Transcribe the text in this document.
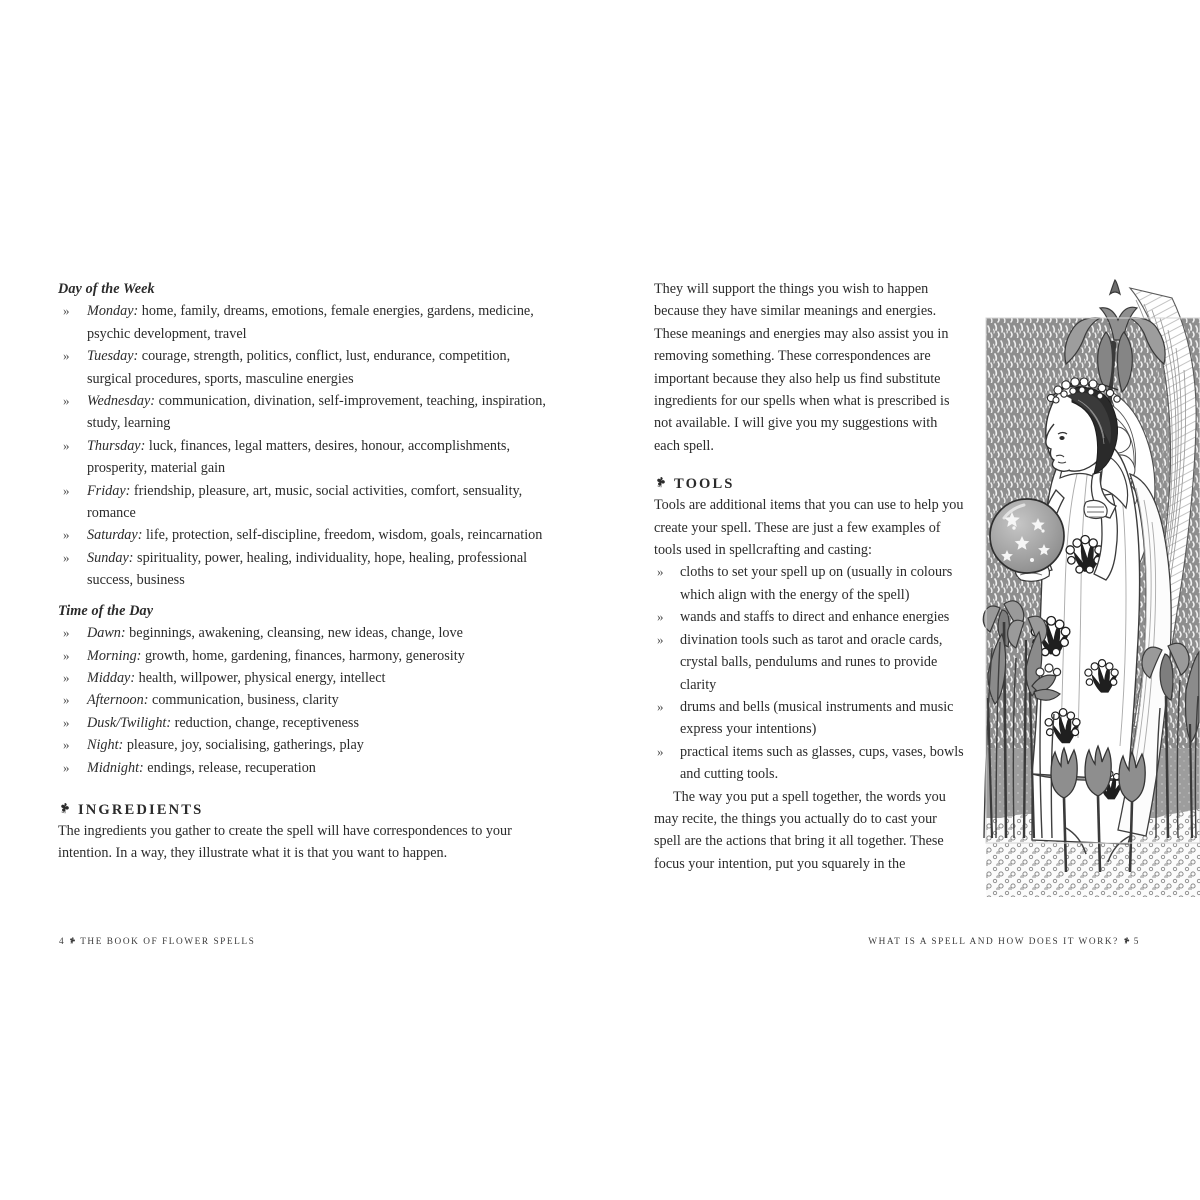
Day of the Week
» Monday: home, family, dreams, emotions, female energies, gardens, medicine, psychic development, travel
» Tuesday: courage, strength, politics, conflict, lust, endurance, competition, surgical procedures, sports, masculine energies
» Wednesday: communication, divination, self-improvement, teaching, inspiration, study, learning
» Thursday: luck, finances, legal matters, desires, honour, accomplishments, prosperity, material gain
» Friday: friendship, pleasure, art, music, social activities, comfort, sensuality, romance
» Saturday: life, protection, self-discipline, freedom, wisdom, goals, reincarnation
» Sunday: spirituality, power, healing, individuality, hope, healing, professional success, business
Time of the Day
» Dawn: beginnings, awakening, cleansing, new ideas, change, love
» Morning: growth, home, gardening, finances, harmony, generosity
» Midday: health, willpower, physical energy, intellect
» Afternoon: communication, business, clarity
» Dusk/Twilight: reduction, change, receptiveness
» Night: pleasure, joy, socialising, gatherings, play
» Midnight: endings, release, recuperation
INGREDIENTS

The ingredients you gather to create the spell will have correspondences to your intention. In a way, they illustrate what it is that you want to happen.

They will support the things you wish to happen because they have similar meanings and energies. These meanings and energies may also assist you in removing something. These correspondences are important because they also help us find substitute ingredients for our spells when what is prescribed is not available. I will give you my suggestions with each spell.

TOOLS

Tools are additional items that you can use to help you create your spell. These are just a few examples of tools used in spellcrafting and casting:

» cloths to set your spell up on (usually in colours which align with the energy of the spell)
» wands and staffs to direct and enhance energies
» divination tools such as tarot and oracle cards, crystal balls, pendulums and runes to provide clarity
» drums and bells (musical instruments and music express your intentions)
» practical items such as glasses, cups, vases, bowls and cutting tools.

The way you put a spell together, the words you may recite, the things you actually do to cast your spell are the actions that bring it all together. These focus your intention, put you squarely in the

4 THE BOOK OF FLOWER SPELLS	WHAT IS A SPELL AND HOW DOES IT WORK? 5
